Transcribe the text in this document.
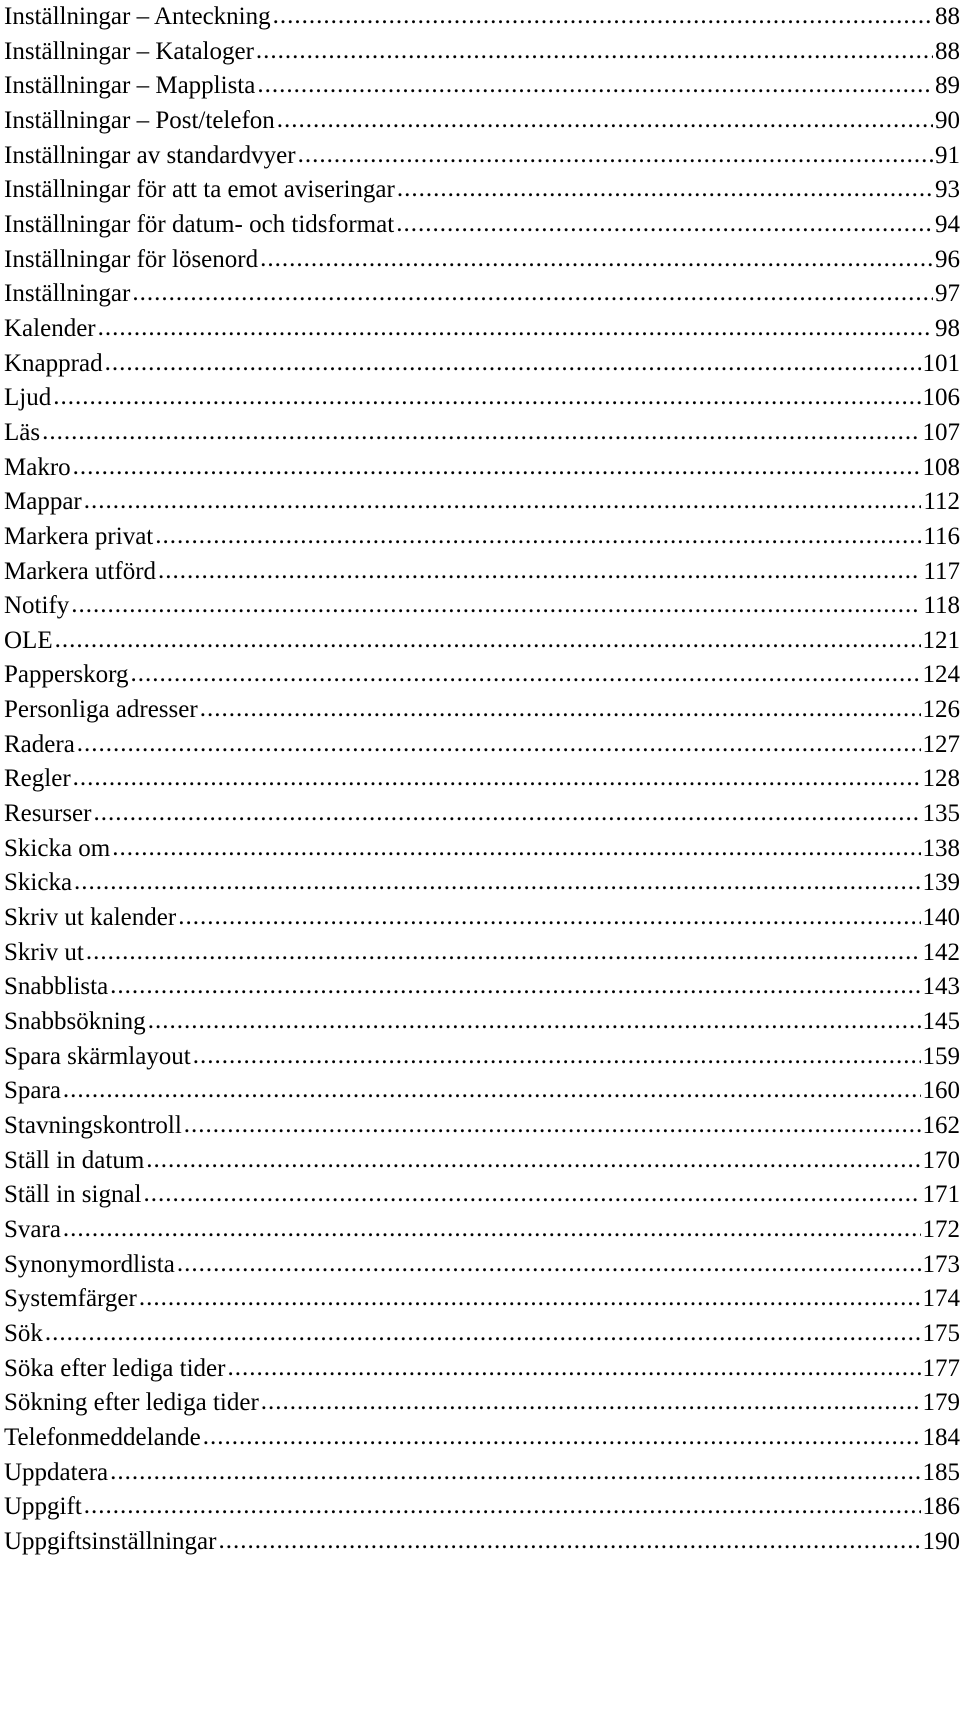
Inställningar – Anteckning .....	88
Inställningar – Kataloger .....	88
Inställningar – Mapplista .....	89
Inställningar – Post/telefon .....	90
Inställningar av standardvyer .....	91
Inställningar för att ta emot aviseringar .....	93
Inställningar för datum- och tidsformat .....	94
Inställningar för lösenord .....	96
Inställningar .....	97
Kalender .....	98
Knapprad .....	101
Ljud .....	106
Läs .....	107
Makro .....	108
Mappar .....	112
Markera privat .....	116
Markera utförd .....	117
Notify .....	118
OLE .....	121
Papperskorg .....	124
Personliga adresser .....	126
Radera .....	127
Regler .....	128
Resurser .....	135
Skicka om .....	138
Skicka .....	139
Skriv ut kalender .....	140
Skriv ut .....	142
Snabblista .....	143
Snabbsökning .....	145
Spara skärmlayout .....	159
Spara .....	160
Stavningskontroll .....	162
Ställ in datum .....	170
Ställ in signal .....	171
Svara .....	172
Synonymordlista .....	173
Systemfärger .....	174
Sök .....	175
Söka efter lediga tider .....	177
Sökning efter lediga tider .....	179
Telefonmeddelande .....	184
Uppdatera .....	185
Uppgift .....	186
Uppgiftsinställningar .....	190
